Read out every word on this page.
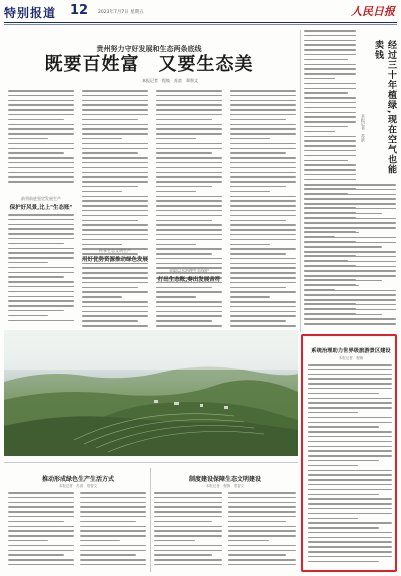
特别报道 12 2023年7月7日 星期五	人民日报
贵州努力守好发展和生态两条底线
既要百姓富　又要生态美
本报记者　程焕　苏滨　郑智文
前列前进坚定发展生产
保护好风景,比上"生态账"
传承生态文明生产
用好优势资源推动绿色发展
采取以水治理生态保护
打出生态账,奏出发展音符
推动形成绿色生产生活方式
本报记者　苏滨　郑智文
制度建设保障生态文明建设
本报记者　程焕　郑智文
经过三十年植绿,现在空气也能卖钱
本报记者　苏滨
系统治理助力世界级旅游景区建设
本报记者　程焕
